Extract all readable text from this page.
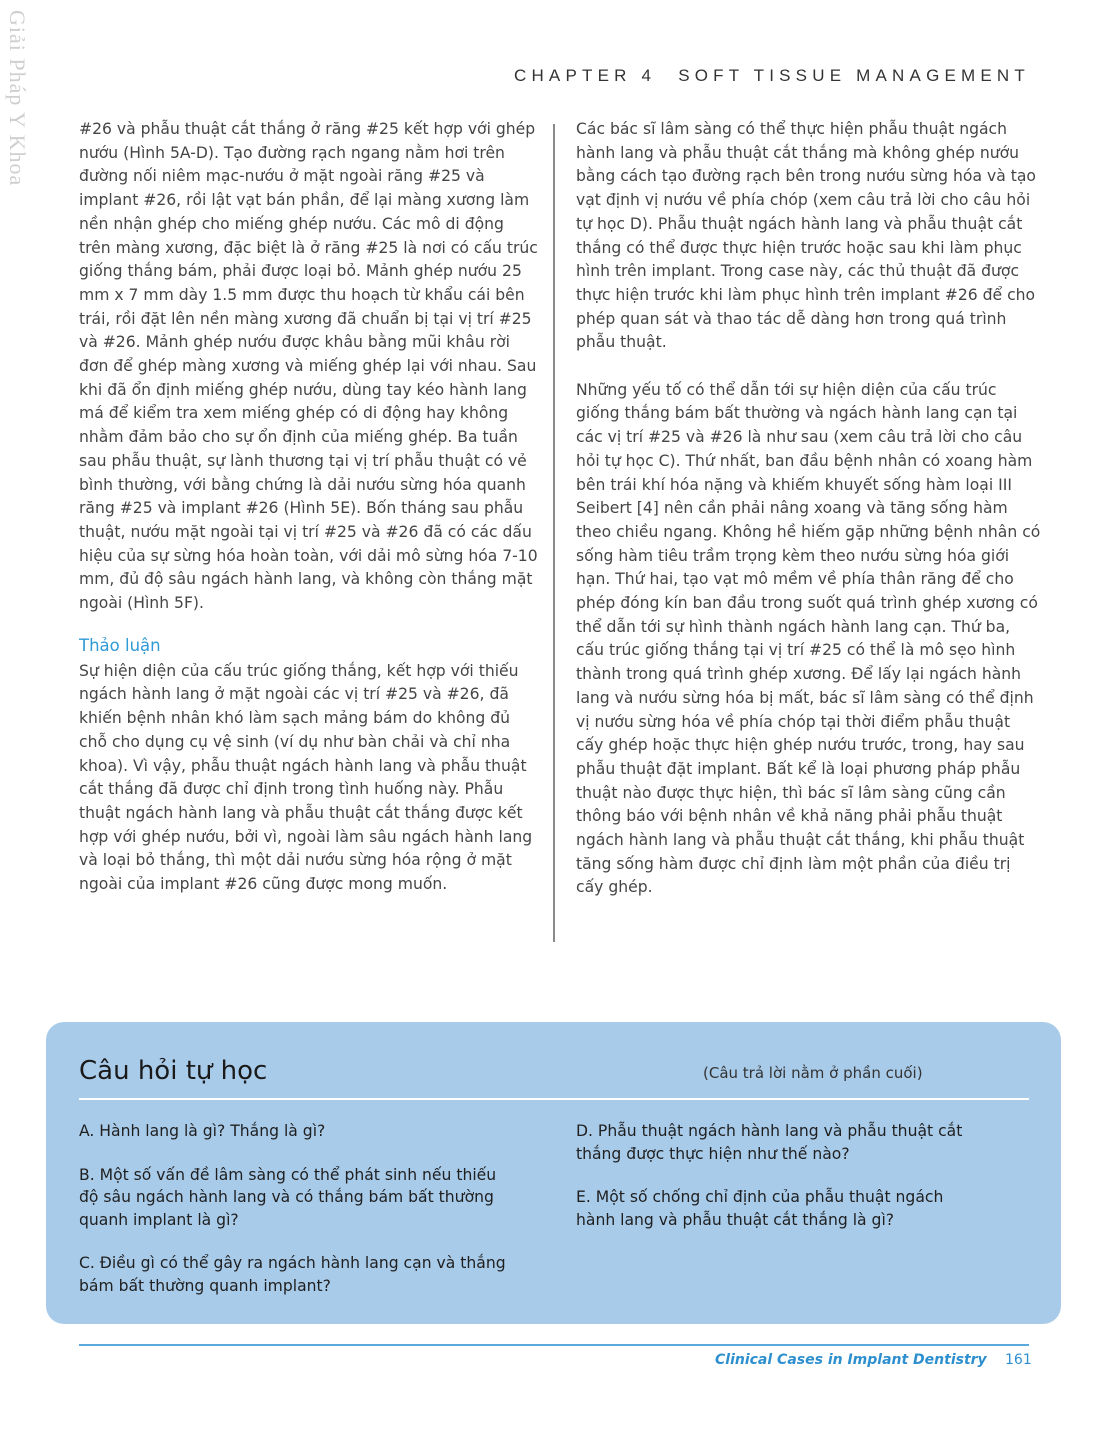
Giải Pháp Y Khoa	CHAPTER 4 SOFT TISSUE MANAGEMENT

#26 và phẫu thuật cắt thắng ở răng #25 kết hợp với ghép nướu (Hình 5A-D). Tạo đường rạch ngang nằm hơi trên đường nối niêm mạc-nướu ở mặt ngoài răng #25 và implant #26, rồi lật vạt bán phần, để lại màng xương làm nền nhận ghép cho miếng ghép nướu. Các mô di động trên màng xương, đặc biệt là ở răng #25 là nơi có cấu trúc giống thắng bám, phải được loại bỏ. Mảnh ghép nướu 25 mm x 7 mm dày 1.5 mm được thu hoạch từ khẩu cái bên trái, rồi đặt lên nền màng xương đã chuẩn bị tại vị trí #25 và #26. Mảnh ghép nướu được khâu bằng mũi khâu rời đơn để ghép màng xương và miếng ghép lại với nhau. Sau khi đã ổn định miếng ghép nướu, dùng tay kéo hành lang má để kiểm tra xem miếng ghép có di động hay không nhằm đảm bảo cho sự ổn định của miếng ghép. Ba tuần sau phẫu thuật, sự lành thương tại vị trí phẫu thuật có vẻ bình thường, với bằng chứng là dải nướu sừng hóa quanh răng #25 và implant #26 (Hình 5E). Bốn tháng sau phẫu thuật, nướu mặt ngoài tại vị trí #25 và #26 đã có các dấu hiệu của sự sừng hóa hoàn toàn, với dải mô sừng hóa 7-10 mm, đủ độ sâu ngách hành lang, và không còn thắng mặt ngoài (Hình 5F).

Thảo luận

Sự hiện diện của cấu trúc giống thắng, kết hợp với thiếu ngách hành lang ở mặt ngoài các vị trí #25 và #26, đã khiến bệnh nhân khó làm sạch mảng bám do không đủ chỗ cho dụng cụ vệ sinh (ví dụ như bàn chải và chỉ nha khoa). Vì vậy, phẫu thuật ngách hành lang và phẫu thuật cắt thắng đã được chỉ định trong tình huống này. Phẫu thuật ngách hành lang và phẫu thuật cắt thắng được kết hợp với ghép nướu, bởi vì, ngoài làm sâu ngách hành lang và loại bỏ thắng, thì một dải nướu sừng hóa rộng ở mặt ngoài của implant #26 cũng được mong muốn.

Các bác sĩ lâm sàng có thể thực hiện phẫu thuật ngách hành lang và phẫu thuật cắt thắng mà không ghép nướu bằng cách tạo đường rạch bên trong nướu sừng hóa và tạo vạt định vị nướu về phía chóp (xem câu trả lời cho câu hỏi tự học D). Phẫu thuật ngách hành lang và phẫu thuật cắt thắng có thể được thực hiện trước hoặc sau khi làm phục hình trên implant. Trong case này, các thủ thuật đã được thực hiện trước khi làm phục hình trên implant #26 để cho phép quan sát và thao tác dễ dàng hơn trong quá trình phẫu thuật.

Những yếu tố có thể dẫn tới sự hiện diện của cấu trúc giống thắng bám bất thường và ngách hành lang cạn tại các vị trí #25 và #26 là như sau (xem câu trả lời cho câu hỏi tự học C). Thứ nhất, ban đầu bệnh nhân có xoang hàm bên trái khí hóa nặng và khiếm khuyết sống hàm loại III Seibert [4] nên cần phải nâng xoang và tăng sống hàm theo chiều ngang. Không hề hiếm gặp những bệnh nhân có sống hàm tiêu trầm trọng kèm theo nướu sừng hóa giới hạn. Thứ hai, tạo vạt mô mềm về phía thân răng để cho phép đóng kín ban đầu trong suốt quá trình ghép xương có thể dẫn tới sự hình thành ngách hành lang cạn. Thứ ba, cấu trúc giống thắng tại vị trí #25 có thể là mô sẹo hình thành trong quá trình ghép xương. Để lấy lại ngách hành lang và nướu sừng hóa bị mất, bác sĩ lâm sàng có thể định vị nướu sừng hóa về phía chóp tại thời điểm phẫu thuật cấy ghép hoặc thực hiện ghép nướu trước, trong, hay sau phẫu thuật đặt implant. Bất kể là loại phương pháp phẫu thuật nào được thực hiện, thì bác sĩ lâm sàng cũng cần thông báo với bệnh nhân về khả năng phải phẫu thuật ngách hành lang và phẫu thuật cắt thắng, khi phẫu thuật tăng sống hàm được chỉ định làm một phần của điều trị cấy ghép.

Câu hỏi tự học	(Câu trả lời nằm ở phần cuối)

A. Hành lang là gì? Thắng là gì?

B. Một số vấn đề lâm sàng có thể phát sinh nếu thiếu độ sâu ngách hành lang và có thắng bám bất thường quanh implant là gì?

C. Điều gì có thể gây ra ngách hành lang cạn và thắng bám bất thường quanh implant?

D. Phẫu thuật ngách hành lang và phẫu thuật cắt thắng được thực hiện như thế nào?

E. Một số chống chỉ định của phẫu thuật ngách hành lang và phẫu thuật cắt thắng là gì?

Clinical Cases in Implant Dentistry 161
